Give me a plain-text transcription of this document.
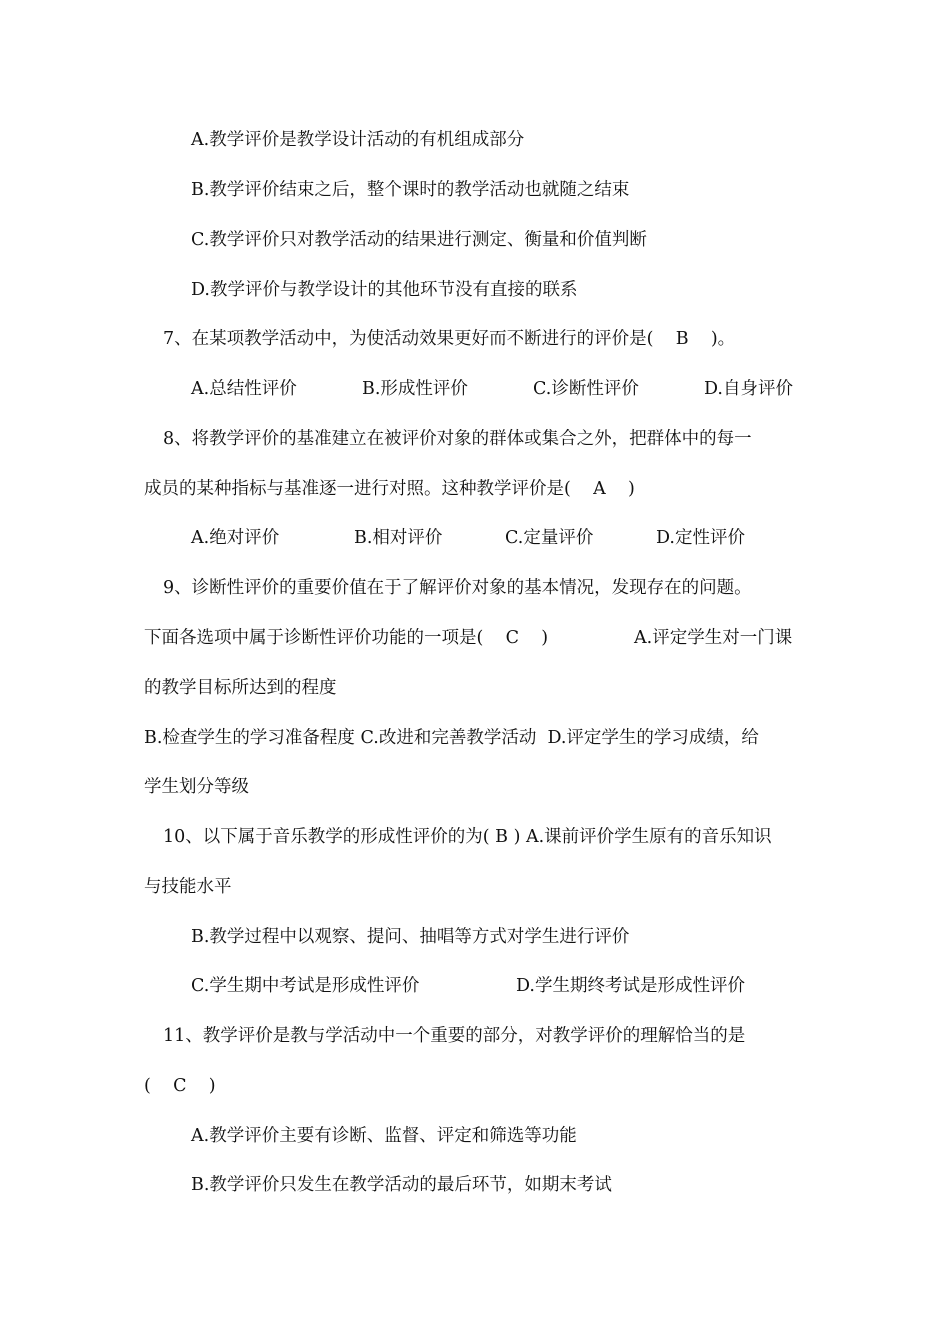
A.教学评价是教学设计活动的有机组成部分
B.教学评价结束之后，整个课时的教学活动也就随之结束
C.教学评价只对教学活动的结果进行测定、衡量和价值判断
D.教学评价与教学设计的其他环节没有直接的联系
7、在某项教学活动中，为使活动效果更好而不断进行的评价是(    B    )。
A.总结性评价	B.形成性评价	C.诊断性评价	D.自身评价
8、将教学评价的基准建立在被评价对象的群体或集合之外，把群体中的每一
成员的某种指标与基准逐一进行对照。这种教学评价是(    A    )
A.绝对评价	B.相对评价	C.定量评价	D.定性评价
9、诊断性评价的重要价值在于了解评价对象的基本情况，发现存在的问题。
下面各选项中属于诊断性评价功能的一项是(    C    )	A.评定学生对一门课
的教学目标所达到的程度
B.检查学生的学习准备程度 C.改进和完善教学活动  D.评定学生的学习成绩，给
学生划分等级
10、以下属于音乐教学的形成性评价的为( B ) A.课前评价学生原有的音乐知识
与技能水平
B.教学过程中以观察、提问、抽唱等方式对学生进行评价
C.学生期中考试是形成性评价	D.学生期终考试是形成性评价
11、教学评价是教与学活动中一个重要的部分，对教学评价的理解恰当的是
(    C    )
A.教学评价主要有诊断、监督、评定和筛选等功能
B.教学评价只发生在教学活动的最后环节，如期末考试
